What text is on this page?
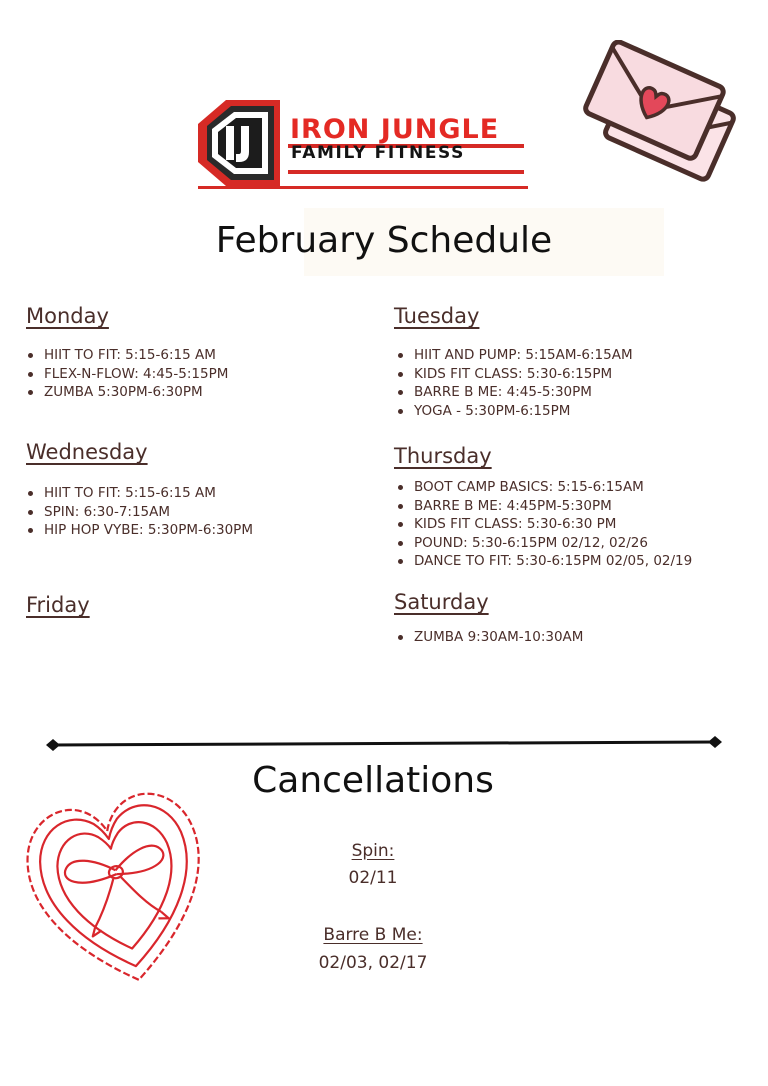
IRON JUNGLE
FAMILY FITNESS
February Schedule
Monday
HIIT TO FIT: 5:15-6:15 AM
FLEX-N-FLOW: 4:45-5:15PM
ZUMBA 5:30PM-6:30PM
Tuesday
HIIT AND PUMP: 5:15AM-6:15AM
KIDS FIT CLASS: 5:30-6:15PM
BARRE B ME: 4:45-5:30PM
YOGA - 5:30PM-6:15PM
Wednesday
HIIT TO FIT: 5:15-6:15 AM
SPIN: 6:30-7:15AM
HIP HOP VYBE: 5:30PM-6:30PM
Thursday
BOOT CAMP BASICS: 5:15-6:15AM
BARRE B ME: 4:45PM-5:30PM
KIDS FIT CLASS: 5:30-6:30 PM
POUND: 5:30-6:15PM 02/12, 02/26
DANCE TO FIT: 5:30-6:15PM 02/05, 02/19
Friday	Saturday
ZUMBA 9:30AM-10:30AM
Cancellations
Spin:
02/11
Barre B Me:
02/03, 02/17
